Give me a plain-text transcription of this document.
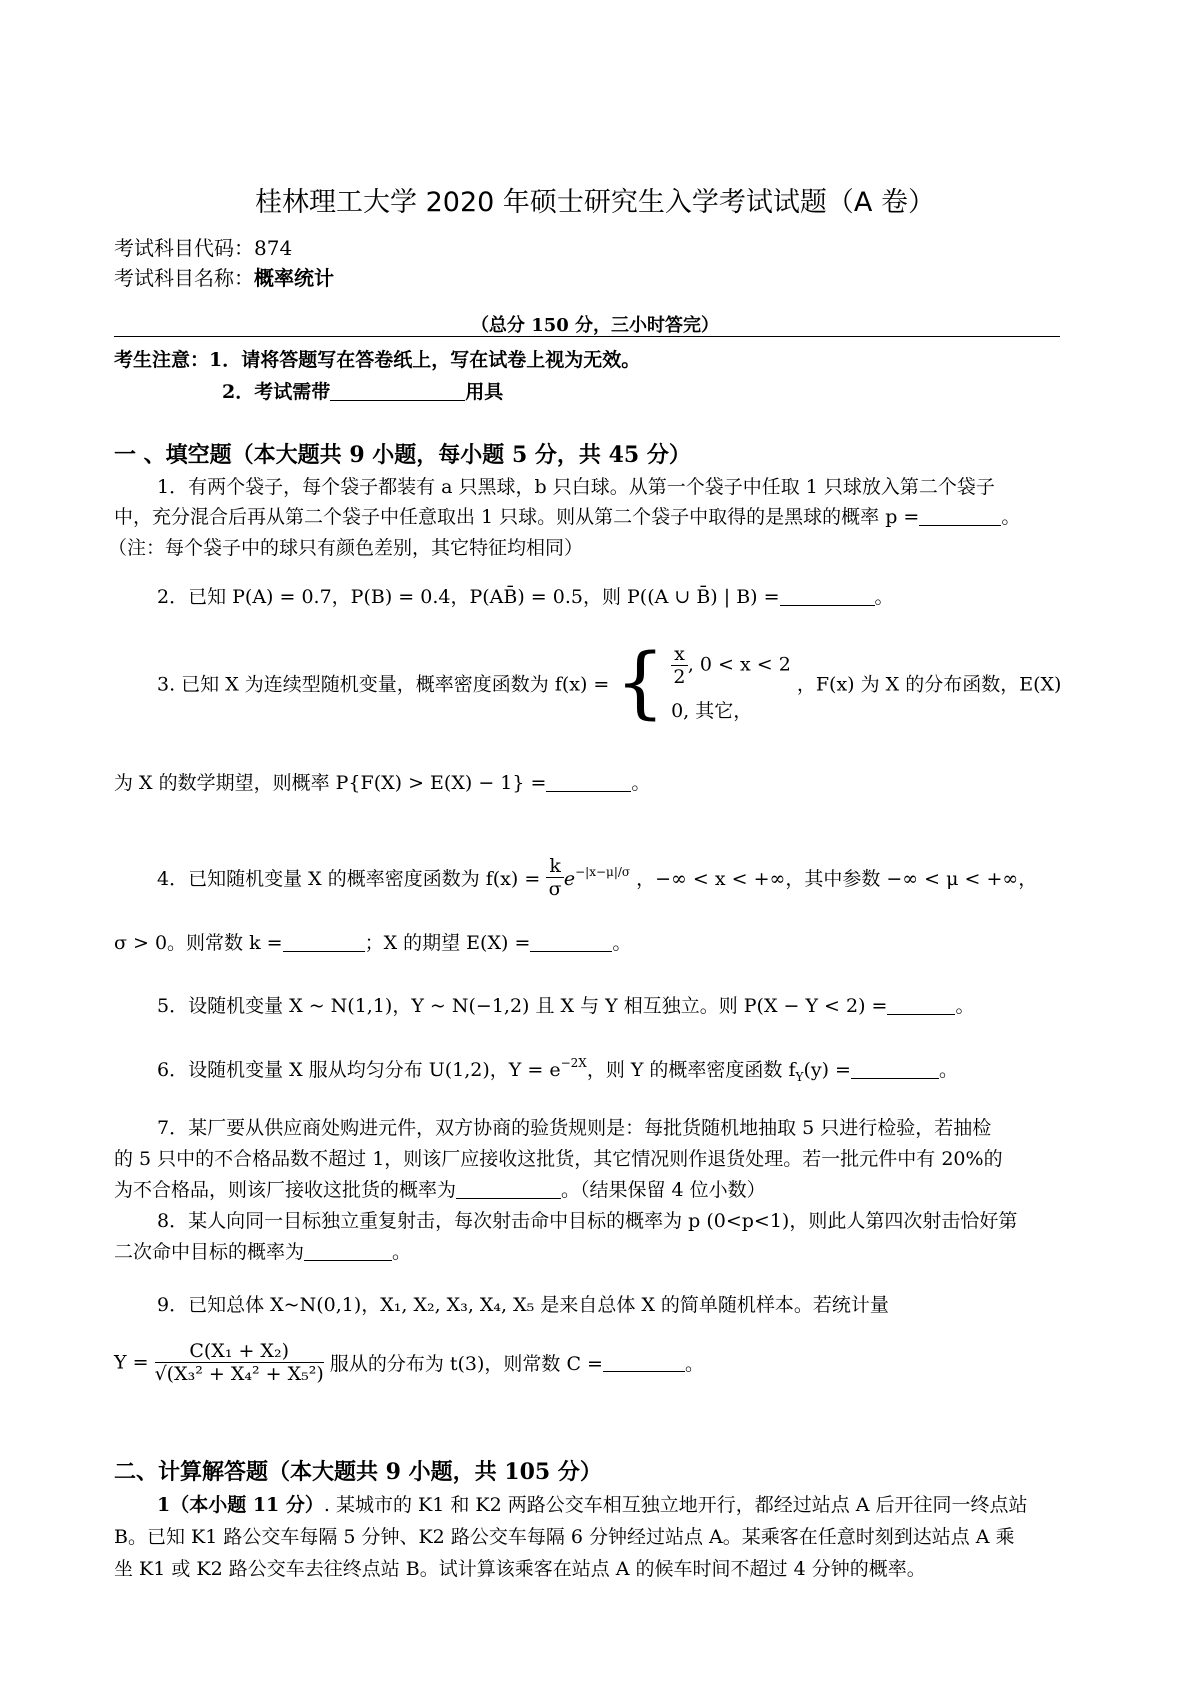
桂林理工大学 2020 年硕士研究生入学考试试题（A 卷）
考试科目代码：874
考试科目名称：概率统计
（总分 150 分，三小时答完）
考生注意：1．请将答题写在答卷纸上，写在试卷上视为无效。
2．考试需带	用具
一 、填空题（本大题共 9 小题，每小题 5 分，共 45 分）
1．有两个袋子，每个袋子都装有 a 只黑球，b 只白球。从第一个袋子中任取 1 只球放入第二个袋子
中，充分混合后再从第二个袋子中任意取出 1 只球。则从第二个袋子中取得的是黑球的概率 p =	。
（注：每个袋子中的球只有颜色差别，其它特征均相同）
2．已知 P(A) = 0.7，P(B) = 0.4，P(AB̄) = 0.5，则 P((A ∪ B̄) | B) =	。
3. 已知 X 为连续型随机变量，概率密度函数为 f(x) = { $\frac{x}{2}$ , 0 < x < 2
0, 其它，
，F(x) 为 X 的分布函数，E(X)
为 X 的数学期望，则概率 P{F(X) > E(X) − 1} =	。
4．已知随机变量 X 的概率密度函数为 $f(x) = \frac{k}{\sigma} e^{-|x-\mu|/\sigma}$ ，−∞ < x < +∞，其中参数 −∞ < μ < +∞，
σ > 0。则常数 k =	；X 的期望 E(X) =	。
5．设随机变量 X ~ N(1,1)，Y ~ N(−1,2) 且 X 与 Y 相互独立。则 P(X − Y < 2) =	。
6．设随机变量 X 服从均匀分布 U(1,2)，$Y = e^{-2X}$，则 Y 的概率密度函数 $f_Y(y)$ =	。
7．某厂要从供应商处购进元件，双方协商的验货规则是：每批货随机地抽取 5 只进行检验，若抽检
的 5 只中的不合格品数不超过 1，则该厂应接收这批货，其它情况则作退货处理。若一批元件中有 20%的
为不合格品，则该厂接收这批货的概率为	。（结果保留 4 位小数）
8．某人向同一目标独立重复射击，每次射击命中目标的概率为 p (0<p<1)，则此人第四次射击恰好第
二次命中目标的概率为	。
9．已知总体 X~N(0,1)，X₁, X₂, X₃, X₄, X₅ 是来自总体 X 的简单随机样本。若统计量
$Y = \frac{\text{C(X₁ + X₂)}}{\text{√(X₃² + X₄² + X₅²)}}$ 服从的分布为 t(3)，则常数 C =	。
二、计算解答题（本大题共 9 小题，共 105 分）
1（本小题 11 分）. 某城市的 K1 和 K2 两路公交车相互独立地开行，都经过站点 A 后开往同一终点站
B。已知 K1 路公交车每隔 5 分钟、K2 路公交车每隔 6 分钟经过站点 A。某乘客在任意时刻到达站点 A 乘
坐 K1 或 K2 路公交车去往终点站 B。试计算该乘客在站点 A 的候车时间不超过 4 分钟的概率。
